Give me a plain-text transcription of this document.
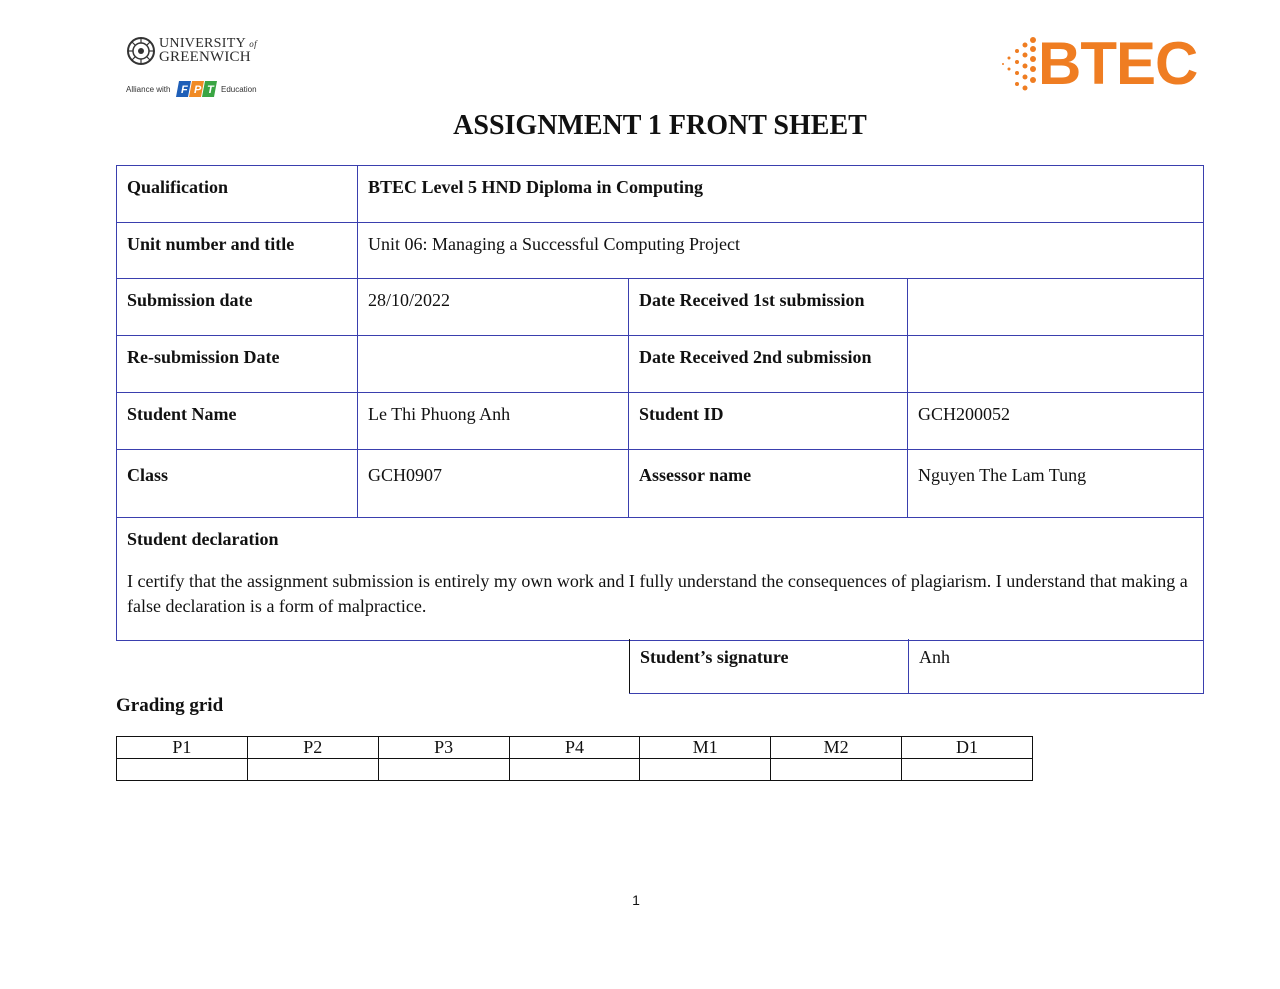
UNIVERSITY of
GREENWICH
Alliance with F P T Education	BTEC
ASSIGNMENT 1 FRONT SHEET
Qualification	BTEC Level 5 HND Diploma in Computing		
Unit number and title	Unit 06: Managing a Successful Computing Project		
Submission date	28/10/2022	Date Received 1st submission	
Re-submission Date		Date Received 2nd submission	
Student Name	Le Thi Phuong Anh	Student ID	GCH200052
Class	GCH0907	Assessor name	Nguyen The Lam Tung

Student declaration
I certify that the assignment submission is entirely my own work and I fully understand the consequences of plagiarism. I understand that making a false declaration is a form of malpractice.			
Student’s signature	Anh
Grading grid
P1	P2	P3	P4	M1	M2	D1

1
